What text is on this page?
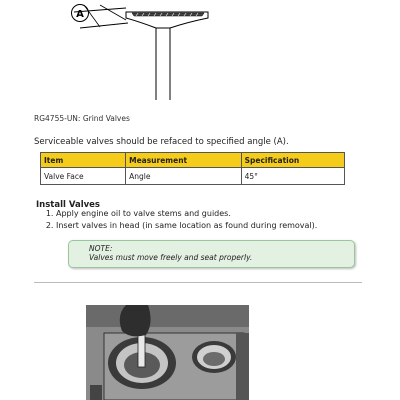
A
RG4755-UN: Grind Valves
Serviceable valves should be refaced to specified angle (A).
Item	Measurement	Specification
Valve Face	Angle	45°
Install Valves
1. Apply engine oil to valve stems and guides.
2. Insert valves in head (in same location as found during removal).
NOTE:
Valves must move freely and seat properly.
